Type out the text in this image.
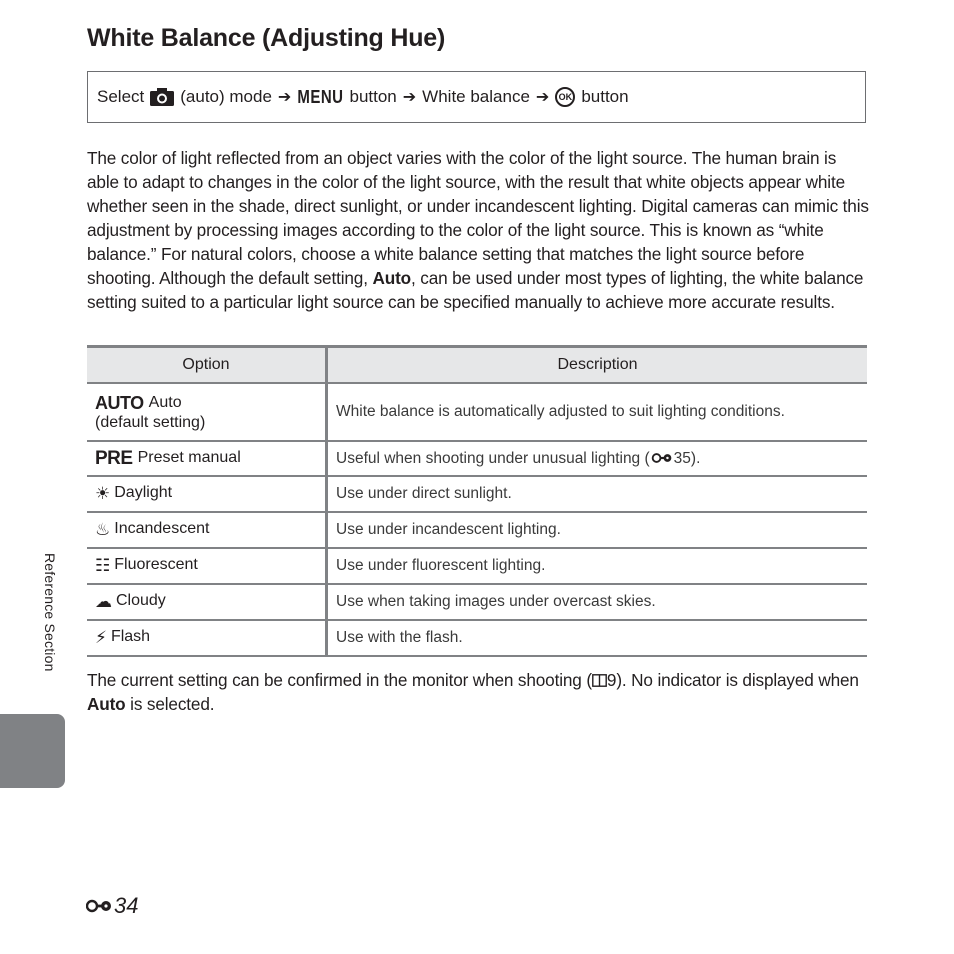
White Balance (Adjusting Hue)
Select (auto) mode ➔ MENU button ➔ White balance ➔	OK button

The color of light reflected from an object varies with the color of the light source. The human brain is able to adapt to changes in the color of the light source, with the result that white objects appear white whether seen in the shade, direct sunlight, or under incandescent lighting. Digital cameras can mimic this adjustment by processing images according to the color of the light source. This is known as “white balance.” For natural colors, choose a white balance setting that matches the light source before shooting. Although the default setting, Auto, can be used under most types of lighting, the white balance setting suited to a particular light source can be specified manually to achieve more accurate results.

Option	Description
AUTO Auto
(default setting)	White balance is automatically adjusted to suit lighting conditions.
PRE Preset manual	Useful when shooting under unusual lighting ( 35).
☀ Daylight	Use under direct sunlight.
♨ Incandescent	Use under incandescent lighting.
☷ Fluorescent	Use under fluorescent lighting.
☁ Cloudy	Use when taking images under overcast skies.
⚡ Flash	Use with the flash.

The current setting can be confirmed in the monitor when shooting ( 9). No indicator is displayed when Auto is selected.

Reference Section
34
